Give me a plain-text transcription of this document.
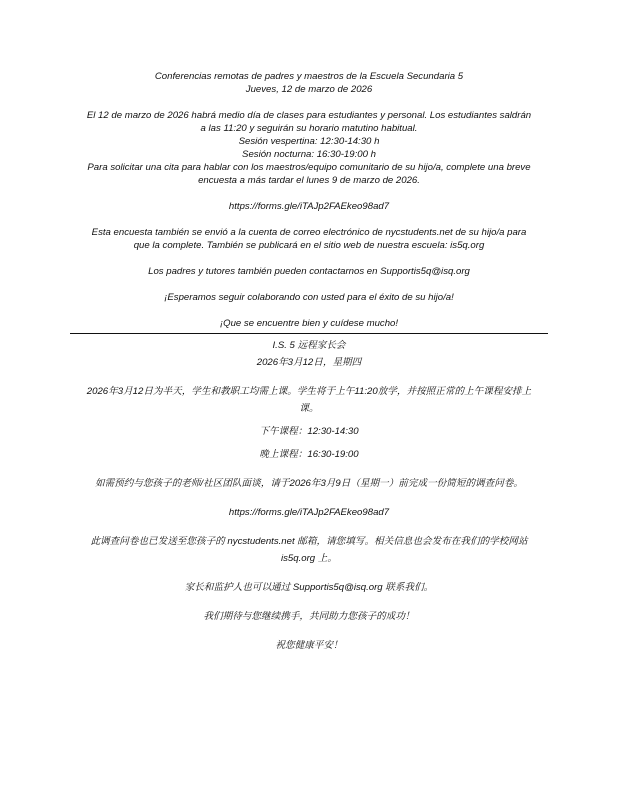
Conferencias remotas de padres y maestros de la Escuela Secundaria 5
Jueves, 12 de marzo de 2026
El 12 de marzo de 2026 habrá medio día de clases para estudiantes y personal. Los estudiantes saldrán
a las 11:20 y seguirán su horario matutino habitual.
Sesión vespertina: 12:30-14:30 h
Sesión nocturna: 16:30-19:00 h
Para solicitar una cita para hablar con los maestros/equipo comunitario de su hijo/a, complete una breve
encuesta a más tardar el lunes 9 de marzo de 2026.
https://forms.gle/iTAJp2FAEkeo98ad7
Esta encuesta también se envió a la cuenta de correo electrónico de nycstudents.net de su hijo/a para
que la complete. También se publicará en el sitio web de nuestra escuela: is5q.org
Los padres y tutores también pueden contactarnos en Supportis5q@isq.org
¡Esperamos seguir colaborando con usted para el éxito de su hijo/a!
¡Que se encuentre bien y cuídese mucho!
I.S. 5 远程家长会
2026年3月12日，星期四
2026年3月12日为半天，学生和教职工均需上课。学生将于上午11:20放学，并按照正常的上午课程安排上
课。
下午课程：12:30-14:30
晚上课程：16:30-19:00
如需预约与您孩子的老师/社区团队面谈，请于2026年3月9日（星期一）前完成一份简短的调查问卷。
https://forms.gle/iTAJp2FAEkeo98ad7
此调查问卷也已发送至您孩子的 nycstudents.net 邮箱，请您填写。相关信息也会发布在我们的学校网站
is5q.org 上。
家长和监护人也可以通过 Supportis5q@isq.org 联系我们。
我们期待与您继续携手，共同助力您孩子的成功！
祝您健康平安！
